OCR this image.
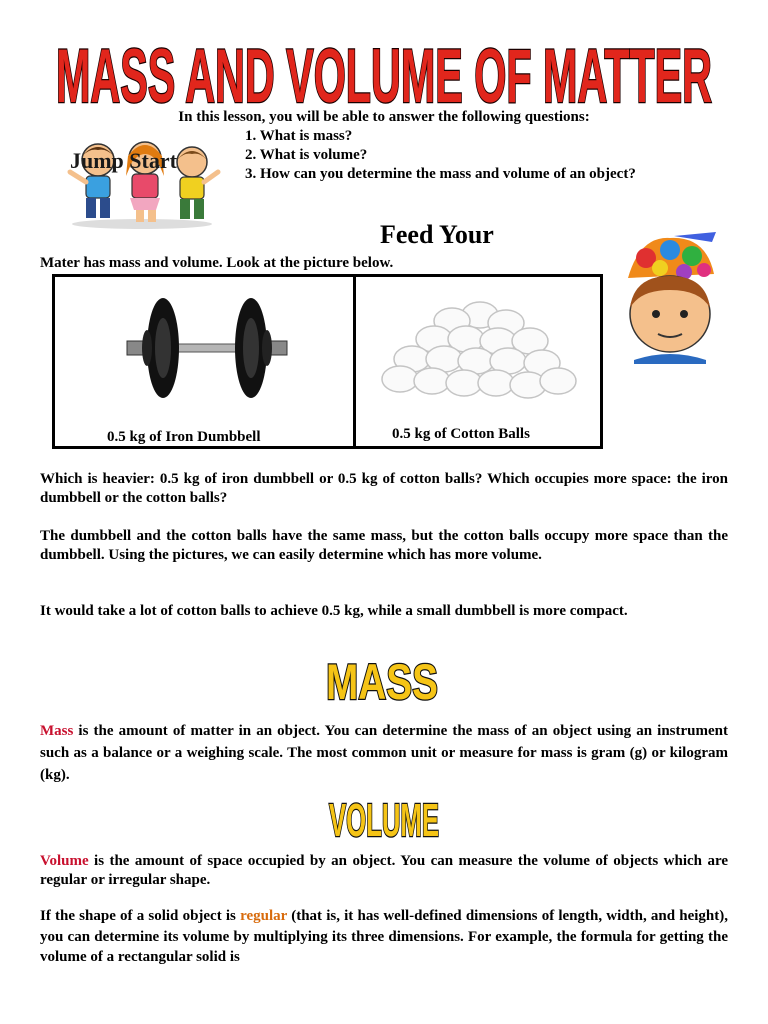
MASS AND VOLUME OF MATTER
In this lesson, you will be able to answer the following questions:
1. What is mass?
2. What is volume?
3. How can you determine the mass and volume of an object?
Jump Start
Feed Your
Mater has mass and volume. Look at the picture below.
0.5 kg of Iron Dumbbell	0.5 kg of Cotton Balls
Which is heavier: 0.5 kg of iron dumbbell or 0.5 kg of cotton balls? Which occupies more space: the iron dumbbell or the cotton balls?
The dumbbell and the cotton balls have the same mass, but the cotton balls occupy more space than the dumbbell. Using the pictures, we can easily determine which has more volume.
It would take a lot of cotton balls to achieve 0.5 kg, while a small dumbbell is more compact.
MASS
Mass is the amount of matter in an object. You can determine the mass of an object using an instrument such as a balance or a weighing scale. The most common unit or measure for mass is gram (g) or kilogram (kg).
VOLUME
Volume is the amount of space occupied by an object. You can measure the volume of objects which are regular or irregular shape.
If the shape of a solid object is regular (that is, it has well-defined dimensions of length, width, and height), you can determine its volume by multiplying its three dimensions. For example, the formula for getting the volume of a rectangular solid is
